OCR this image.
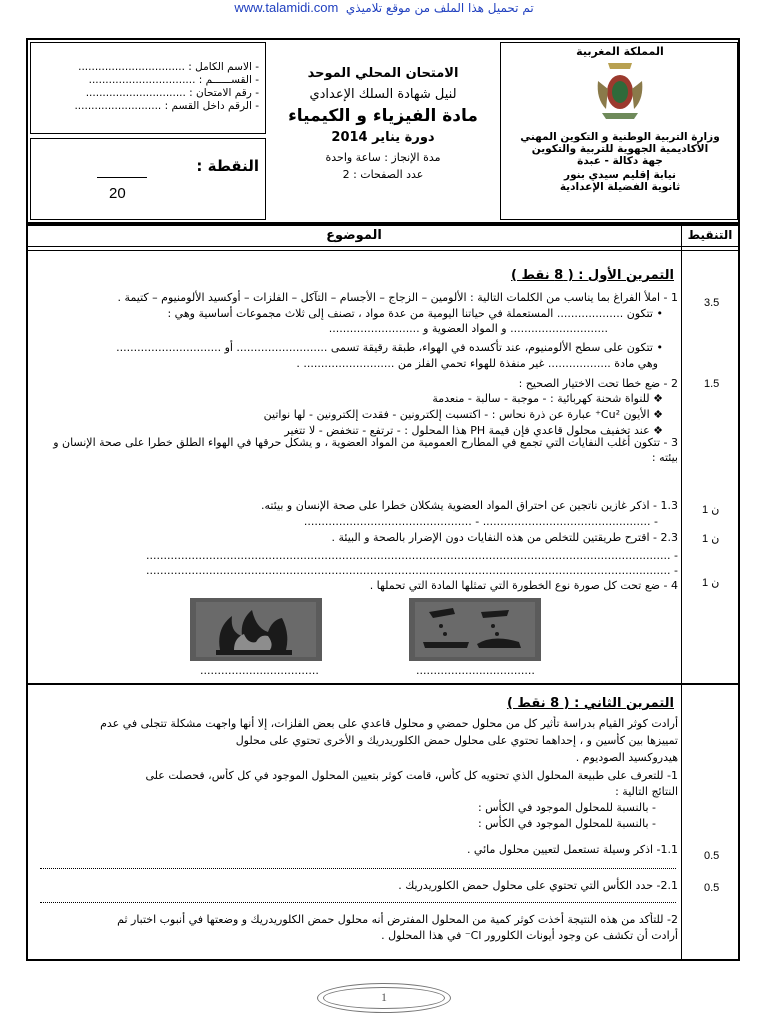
www.talamidi.com تم تحميل هذا الملف من موقع تلاميذي
- الاسم الكامل : ................................
- القســــــم : ................................
- رقم الامتحان : ..............................
- الرقم داخل القسم : ..........................
النقطة :
20
الامتحان المحلي الموحد
لنيل شهادة السلك الإعدادي
مادة الفيزياء و الكيمياء
دورة يناير 2014
مدة الإنجاز : ساعة واحدة
عدد الصفحات : 2
المملكة المغربية
وزارة التربية الوطنية و التكوين المهني
الأكاديمية الجهوية للتربية والتكوين
جهة دكالة - عبدة
نيابة إقليم سيدي بنور
ثانوية الفضيلة الإعدادية
الموضوع	التنقيط
التمرين الأول : ( 8 نقط )
1 - املأ الفراغ بما يناسب من الكلمات التالية : الألومين – الزجاج – الأجسام – التآكل – الفلزات – أوكسيد الألومنيوم – كتيمة .
• تتكون ................... المستعملة في حياتنا اليومية من عدة مواد ، تصنف إلى ثلاث مجموعات أساسية وهي :
............................ و المواد العضوية و ..........................
• تتكون على سطح الألومنيوم، عند تأكسده في الهواء، طبقة رقيقة تسمى .......................... أو ..............................
وهي مادة .................. غير منفذة للهواء تحمي الفلز من .......................... .
3.5
2 - ضع خطا تحت الاختيار الصحيح :
❖ للنواة شحنة كهربائية : - موجبة - سالبة - منعدمة
❖ الأيون Cu²⁺ عبارة عن ذرة نحاس : - اكتسبت إلكترونين - فقدت إلكترونين - لها نواتين
❖ عند تخفيف محلول قاعدي فإن قيمة PH هذا المحلول : - ترتفع - تنخفض - لا تتغير
1.5
3 - تتكون أغلب النفايات التي تجمع في المطارح العمومية من المواد العضوية ، و يشكل حرقها في الهواء الطلق خطرا على صحة الإنسان و بيئته :
1.3 - اذكر غازين ناتجين عن احتراق المواد العضوية يشكلان خطرا على صحة الإنسان و بيئته.
- ................................................ - ................................................
1 ن
2.3 - اقترح طريقتين للتخلص من هذه النفايات دون الإضرار بالصحة و البيئة .
- ......................................................................................................................................................
- ......................................................................................................................................................
1 ن
4 - ضع تحت كل صورة نوع الخطورة التي تمثلها المادة التي تحملها . 1 ن
..................................	..................................
التمرين الثاني : ( 8 نقط )
أرادت كوثر القيام بدراسة تأثير كل من محلول حمضي و محلول قاعدي على بعض الفلزات، إلا أنها واجهت مشكلة تتجلى في عدم
تمييزها بين كأسين و ، إحداهما تحتوي على محلول حمض الكلوريدريك و الأخرى تحتوي على محلول
هيدروكسيد الصوديوم .
1- للتعرف على طبيعة المحلول الذي تحتويه كل كأس، قامت كوثر بتعيين المحلول الموجود في كل كأس، فحصلت على
النتائج التالية :
- بالنسبة للمحلول الموجود في الكأس :
- بالنسبة للمحلول الموجود في الكأس :
1.1- اذكر وسيلة تستعمل لتعيين محلول مائي . 0.5
2.1- حدد الكأس التي تحتوي على محلول حمض الكلوريدريك . 0.5
2- للتأكد من هذه النتيجة أخذت كوثر كمية من المحلول المفترض أنه محلول حمض الكلوريدريك و وضعتها في أنبوب اختبار ثم
أرادت أن تكشف عن وجود أيونات الكلورور Cl⁻ في هذا المحلول .
1
